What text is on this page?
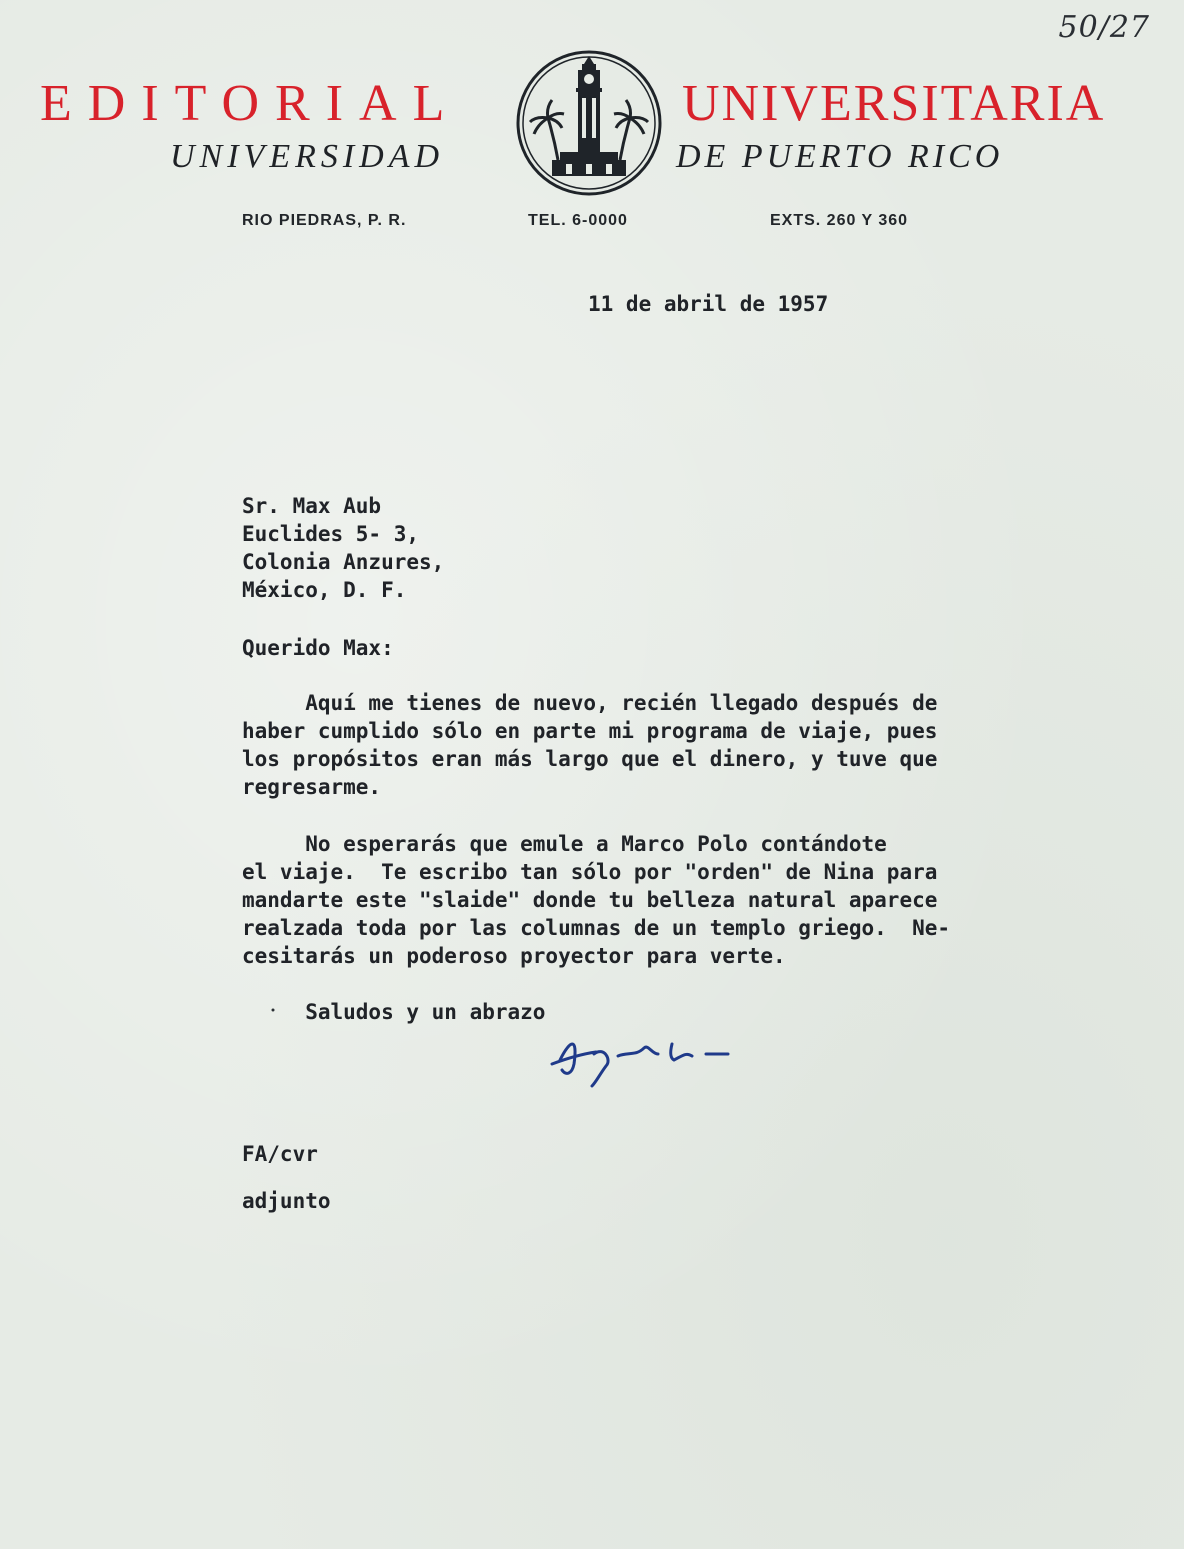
50/27
EDITORIAL	UNIVERSITARIA
UNIVERSIDAD	DE PUERTO RICO
RIO PIEDRAS, P. R.	TEL. 6-0000	EXTS. 260 Y 360
11 de abril de 1957
Sr. Max Aub
Euclides 5- 3,
Colonia Anzures,
México, D. F.
Querido Max:
Aquí me tienes de nuevo, recién llegado después de
haber cumplido sólo en parte mi programa de viaje, pues
los propósitos eran más largo que el dinero, y tuve que
regresarme.
No esperarás que emule a Marco Polo contándote
el viaje.  Te escribo tan sólo por "orden" de Nina para
mandarte este "slaide" donde tu belleza natural aparece
realzada toda por las columnas de un templo griego.  Ne-
cesitarás un poderoso proyector para verte.
Saludos y un abrazo
FA/cvr
adjunto
